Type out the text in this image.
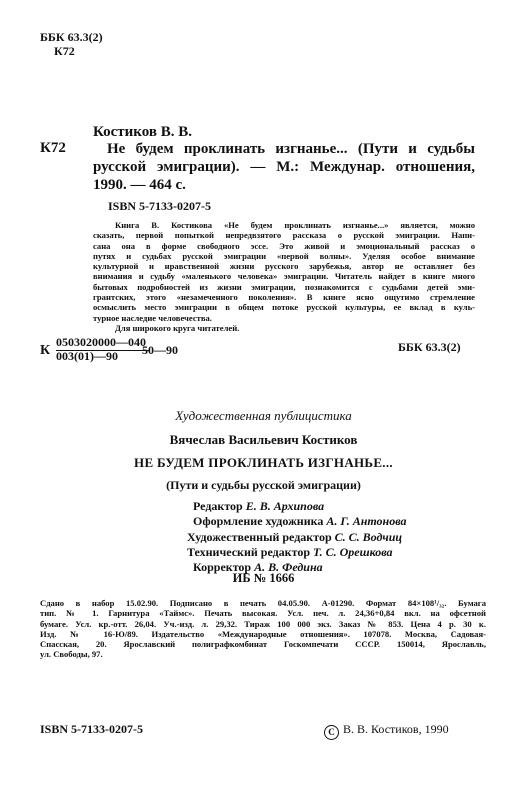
ББК 63.3(2)
К72
Костиков В. В.
К72	Не будем проклинать изгнанье... (Пути и судьбы
русской эмиграции). — М.: Междунар. отношения,
1990. — 464 с.
ISBN 5-7133-0207-5
Книга В. Костикова «Не будем проклинать изгнанье...» является, можно
сказать, первой попыткой непредвзятого рассказа о русской эмиграции. Напи-
сана она в форме свободного эссе. Это живой и эмоциональный рассказ о
путях и судьбах русской эмиграции «первой волны». Уделяя особое внимание
культурной и нравственной жизни русского зарубежья, автор не оставляет без
внимания и судьбу «маленького человека» эмиграции. Читатель найдет в книге много
бытовых подробностей из жизни эмиграции, познакомится с судьбами детей эми-
грантских, этого «незамеченного поколения». В книге ясно ощутимо стремление
осмыслить место эмиграции в общем потоке русской культуры, ее вклад в куль-
турное наследие человечества.
Для широкого круга читателей.
К
0503020000—040
003(01)—90 50—90	ББК 63.3(2)
Художественная публицистика
Вячеслав Васильевич Костиков
НЕ БУДЕМ ПРОКЛИНАТЬ ИЗГНАНЬЕ...
(Пути и судьбы русской эмиграции)
Редактор Е. В. Архипова
Оформление художника А. Г. Антонова
Художественный редактор С. С. Водчиц
Технический редактор Т. С. Орешкова
Корректор А. В. Федина
ИБ № 1666
Сдано в набор 15.02.90. Подписано в печать 04.05.90. А-01290. Формат 84×108¹/₃₂. Бумага
тип. № 1. Гарнитура «Таймс». Печать высокая. Усл. печ. л. 24,36+0,84 вкл. на офсетной
бумаге. Усл. кр.-отт. 26,04. Уч.-изд. л. 29,32. Тираж 100 000 экз. Заказ № 853. Цена 4 р. 30 к.
Изд. № 16-Ю/89. Издательство «Международные отношения». 107078. Москва, Садовая-
Спасская, 20. Ярославский полиграфкомбинат Госкомпечати СССР. 150014, Ярославль,
ул. Свободы, 97.
ISBN 5-7133-0207-5	C В. В. Костиков, 1990
